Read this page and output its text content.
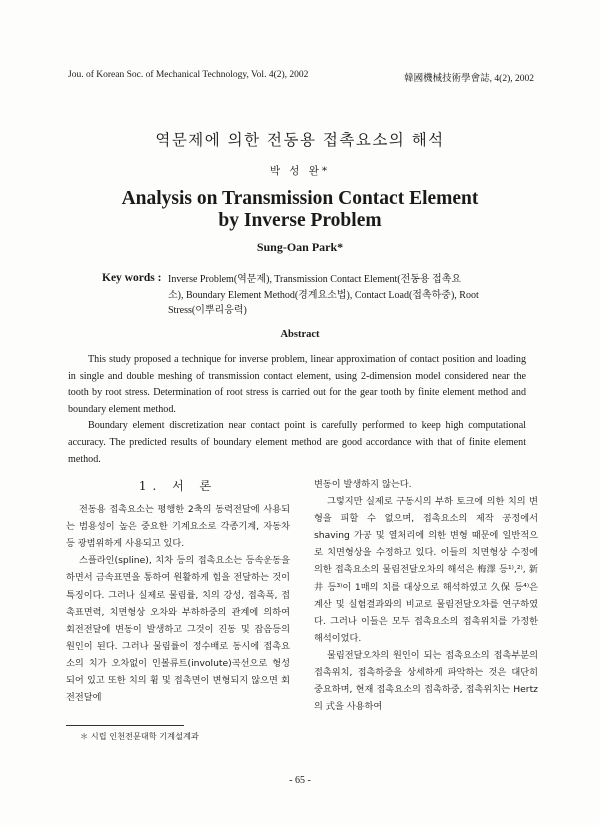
Jou. of Korean Soc. of Mechanical Technology, Vol. 4(2), 2002	韓國機械技術學會誌, 4(2), 2002
역문제에 의한 전동용 접촉요소의 해석
박 성 완*
Analysis on Transmission Contact Element
by Inverse Problem
Sung-Oan Park*
Key words : Inverse Problem(역문제), Transmission Contact Element(전동용 접촉요
소), Boundary Element Method(경계요소법), Contact Load(접촉하중), Root
Stress(이뿌리응력)
Abstract

This study proposed a technique for inverse problem, linear approximation of contact position and loading in single and double meshing of transmission contact element, using 2-dimension model considered near the tooth by root stress. Determination of root stress is carried out for the gear tooth by finite element method and boundary element method.

Boundary element discretization near contact point is carefully performed to keep high computational accuracy. The predicted results of boundary element method are good accordance with that of finite element method.

1. 서 론

전동용 접촉요소는 평행한 2축의 동력전달에 사용되는 범용성이 높은 중요한 기계요소로 각종기계, 자동차등 광범위하게 사용되고 있다.

스플라인(spline), 치차 등의 접촉요소는 등속운동을 하면서 금속표면을 통하여 원활하게 힘을 전달하는 것이 특징이다. 그러나 실제로 물림률, 치의 강성, 접촉폭, 접촉표면력, 치면형상 오차와 부하하중의 관계에 의하여 회전전달에 변동이 발생하고 그것이 진동 및 잡음등의 원인이 된다. 그러나 물림률이 정수배로 동시에 접촉요소의 치가 오차없이 인볼류트(involute)곡선으로 형성되어 있고 또한 치의 휨 및 접촉면이 변형되지 않으면 회전전달에

변동이 발생하지 않는다.

그렇지만 실제로 구동시의 부하 토크에 의한 치의 변형을 피할 수 없으며, 접촉요소의 제작 공정에서 shaving 가공 및 열처리에 의한 변형 때문에 일반적으로 치면형상을 수정하고 있다. 이들의 치면형상 수정에 의한 접촉요소의 물림전달오차의 해석은 梅澤 등¹⁾,²⁾, 新井 등³⁾이 1매의 치를 대상으로 해석하였고 久保 등⁴⁾은 계산 및 실험결과와의 비교로 물림전달오차를 연구하였다. 그러나 이들은 모두 접촉요소의 접촉위치를 가정한 해석이었다.

물림전달오차의 원인이 되는 접촉요소의 접촉부분의 접촉위치, 접촉하중을 상세하게 파악하는 것은 대단히 중요하며, 현재 접촉요소의 접촉하중, 접촉위치는 Hertz의 式을 사용하여

＊ 시립 인천전문대학 기계설계과
- 65 -
